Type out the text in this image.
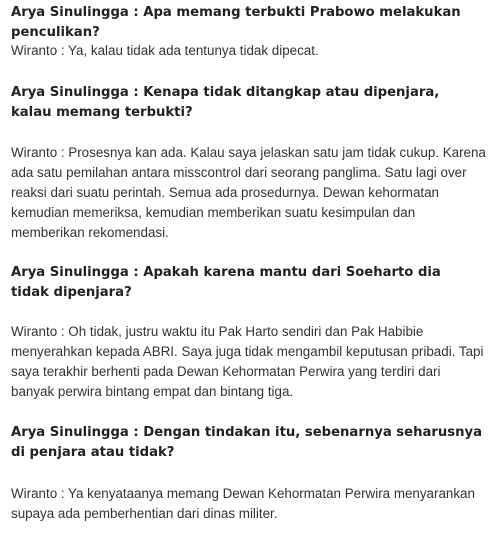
Arya Sinulingga : Apa memang terbukti Prabowo melakukan penculikan?

Wiranto : Ya, kalau tidak ada tentunya tidak dipecat.

Arya Sinulingga : Kenapa tidak ditangkap atau dipenjara, kalau memang terbukti?

Wiranto : Prosesnya kan ada. Kalau saya jelaskan satu jam tidak cukup. Karena ada satu pemilahan antara misscontrol dari seorang panglima. Satu lagi over reaksi dari suatu perintah. Semua ada prosedurnya. Dewan kehormatan kemudian memeriksa, kemudian memberikan suatu kesimpulan dan memberikan rekomendasi.

Arya Sinulingga : Apakah karena mantu dari Soeharto dia tidak dipenjara?

Wiranto : Oh tidak, justru waktu itu Pak Harto sendiri dan Pak Habibie menyerahkan kepada ABRI. Saya juga tidak mengambil keputusan pribadi. Tapi saya terakhir berhenti pada Dewan Kehormatan Perwira yang terdiri dari banyak perwira bintang empat dan bintang tiga.

Arya Sinulingga : Dengan tindakan itu, sebenarnya seharusnya di penjara atau tidak?

Wiranto : Ya kenyataanya memang Dewan Kehormatan Perwira menyarankan supaya ada pemberhentian dari dinas militer.
